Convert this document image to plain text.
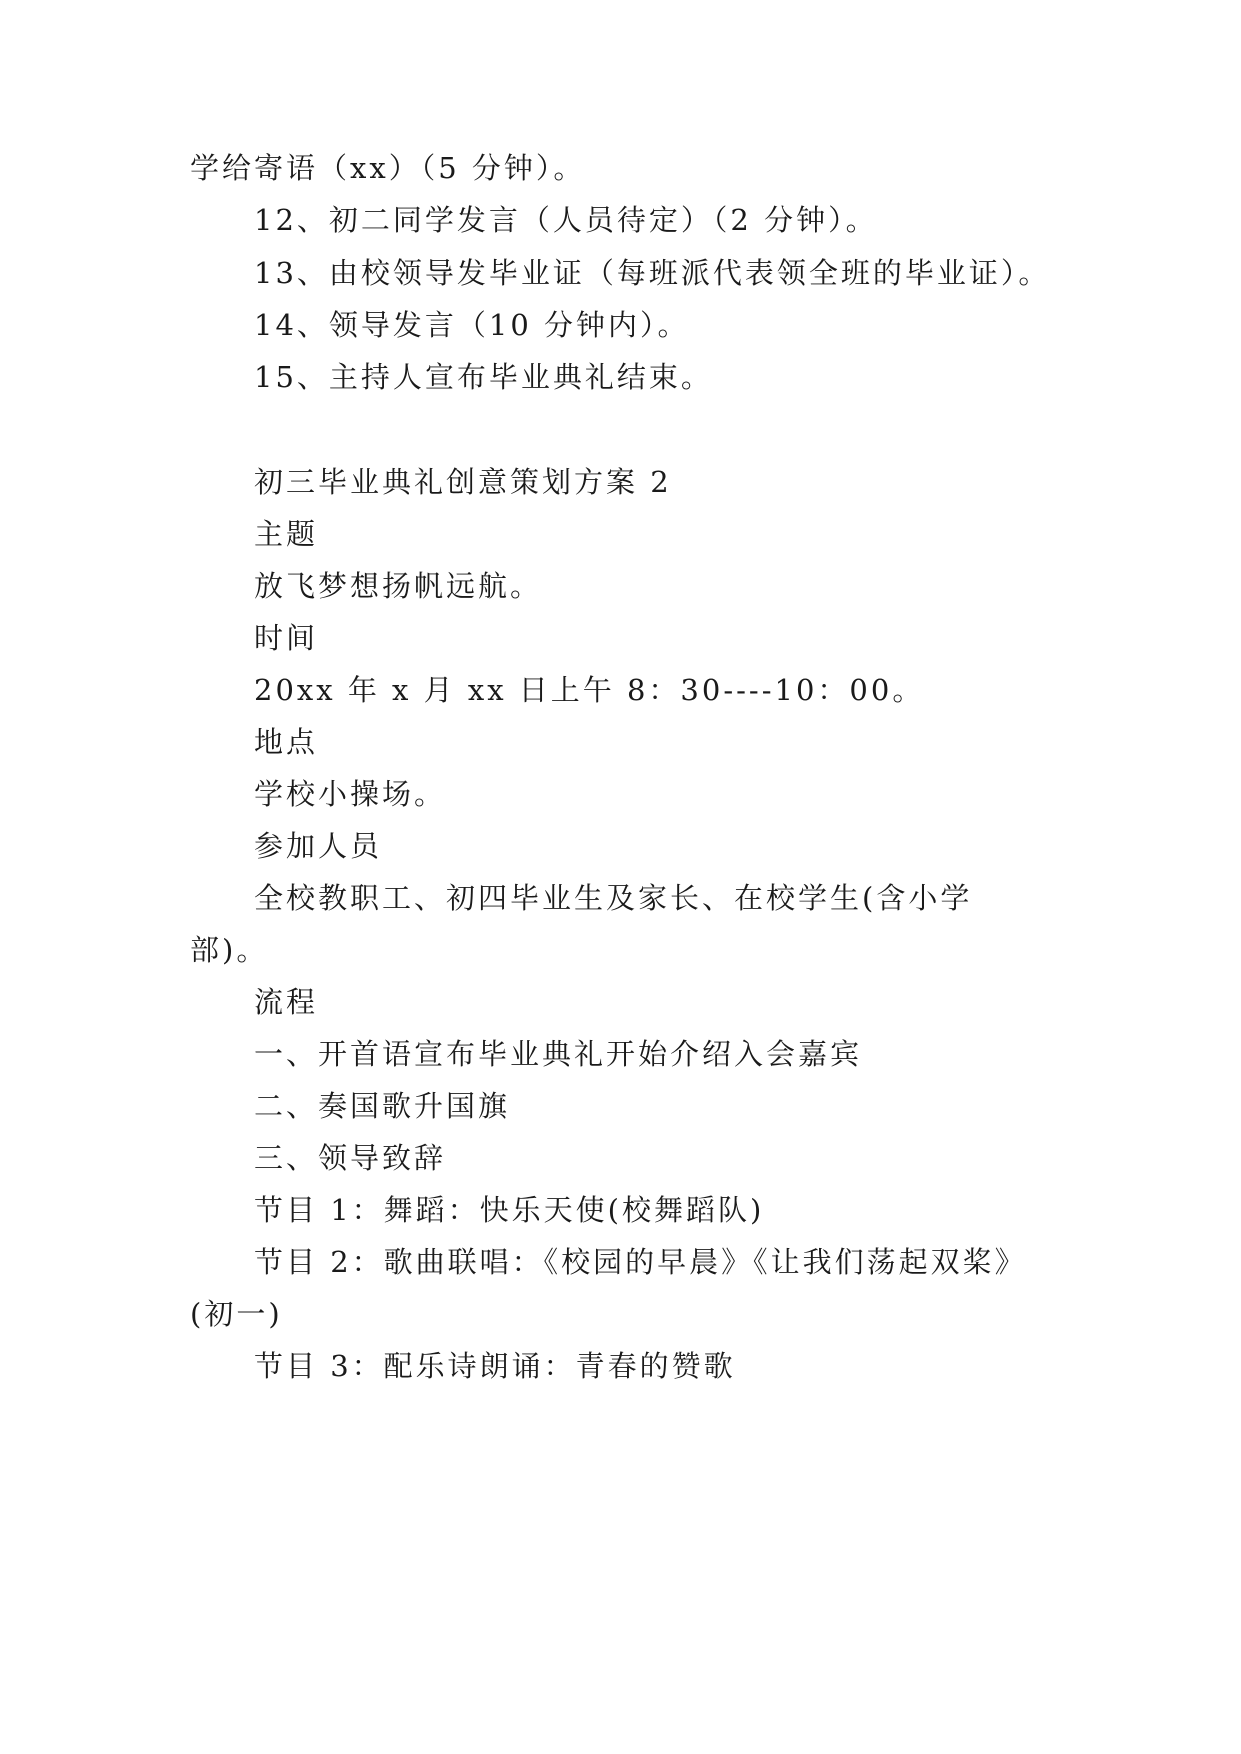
学给寄语（xx）（5 分钟）。
12、初二同学发言（人员待定）（2 分钟）。
13、由校领导发毕业证（每班派代表领全班的毕业证）。
14、领导发言（10 分钟内）。
15、主持人宣布毕业典礼结束。
初三毕业典礼创意策划方案 2
主题
放飞梦想扬帆远航。
时间
20xx 年 x 月 xx 日上午 8：30----10：00。
地点
学校小操场。
参加人员
全校教职工、初四毕业生及家长、在校学生(含小学
部)。
流程
一、开首语宣布毕业典礼开始介绍入会嘉宾
二、奏国歌升国旗
三、领导致辞
节目 1：舞蹈：快乐天使(校舞蹈队)
节目 2：歌曲联唱：《校园的早晨》《让我们荡起双桨》
(初一)
节目 3：配乐诗朗诵：青春的赞歌
